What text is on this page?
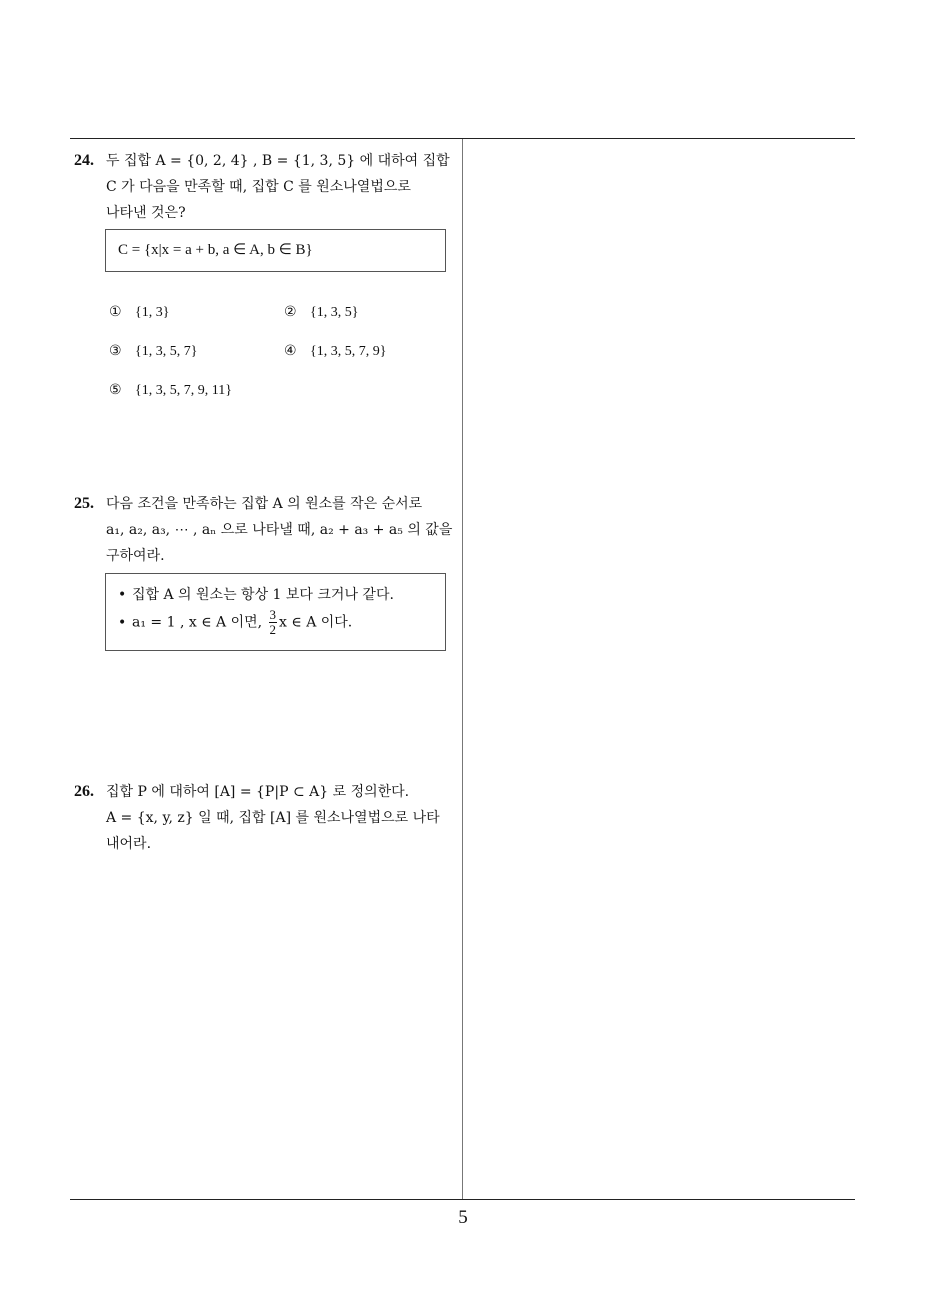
24. 두 집합 A = {0, 2, 4} , B = {1, 3, 5} 에 대하여 집합
C 가 다음을 만족할 때, 집합 C 를 원소나열법으로
나타낸 것은?
C = {x|x = a + b, a ∈ A, b ∈ B}
① {1, 3}	② {1, 3, 5}
③ {1, 3, 5, 7}	④ {1, 3, 5, 7, 9}
⑤ {1, 3, 5, 7, 9, 11}
25. 다음 조건을 만족하는 집합 A 의 원소를 작은 순서로
a₁, a₂, a₃, ⋯ , aₙ 으로 나타낼 때, a₂ + a₃ + a₅ 의 값을
구하여라.
• 집합 A 의 원소는 항상 1 보다 크거나 같다.
• a₁ = 1 , x ∈ A 이면, $\frac{3}{2}$ x ∈ A 이다.
26. 집합 P 에 대하여 [A] = {P|P ⊂ A} 로 정의한다.
A = {x, y, z} 일 때, 집합 [A] 를 원소나열법으로 나타
내어라.
5
